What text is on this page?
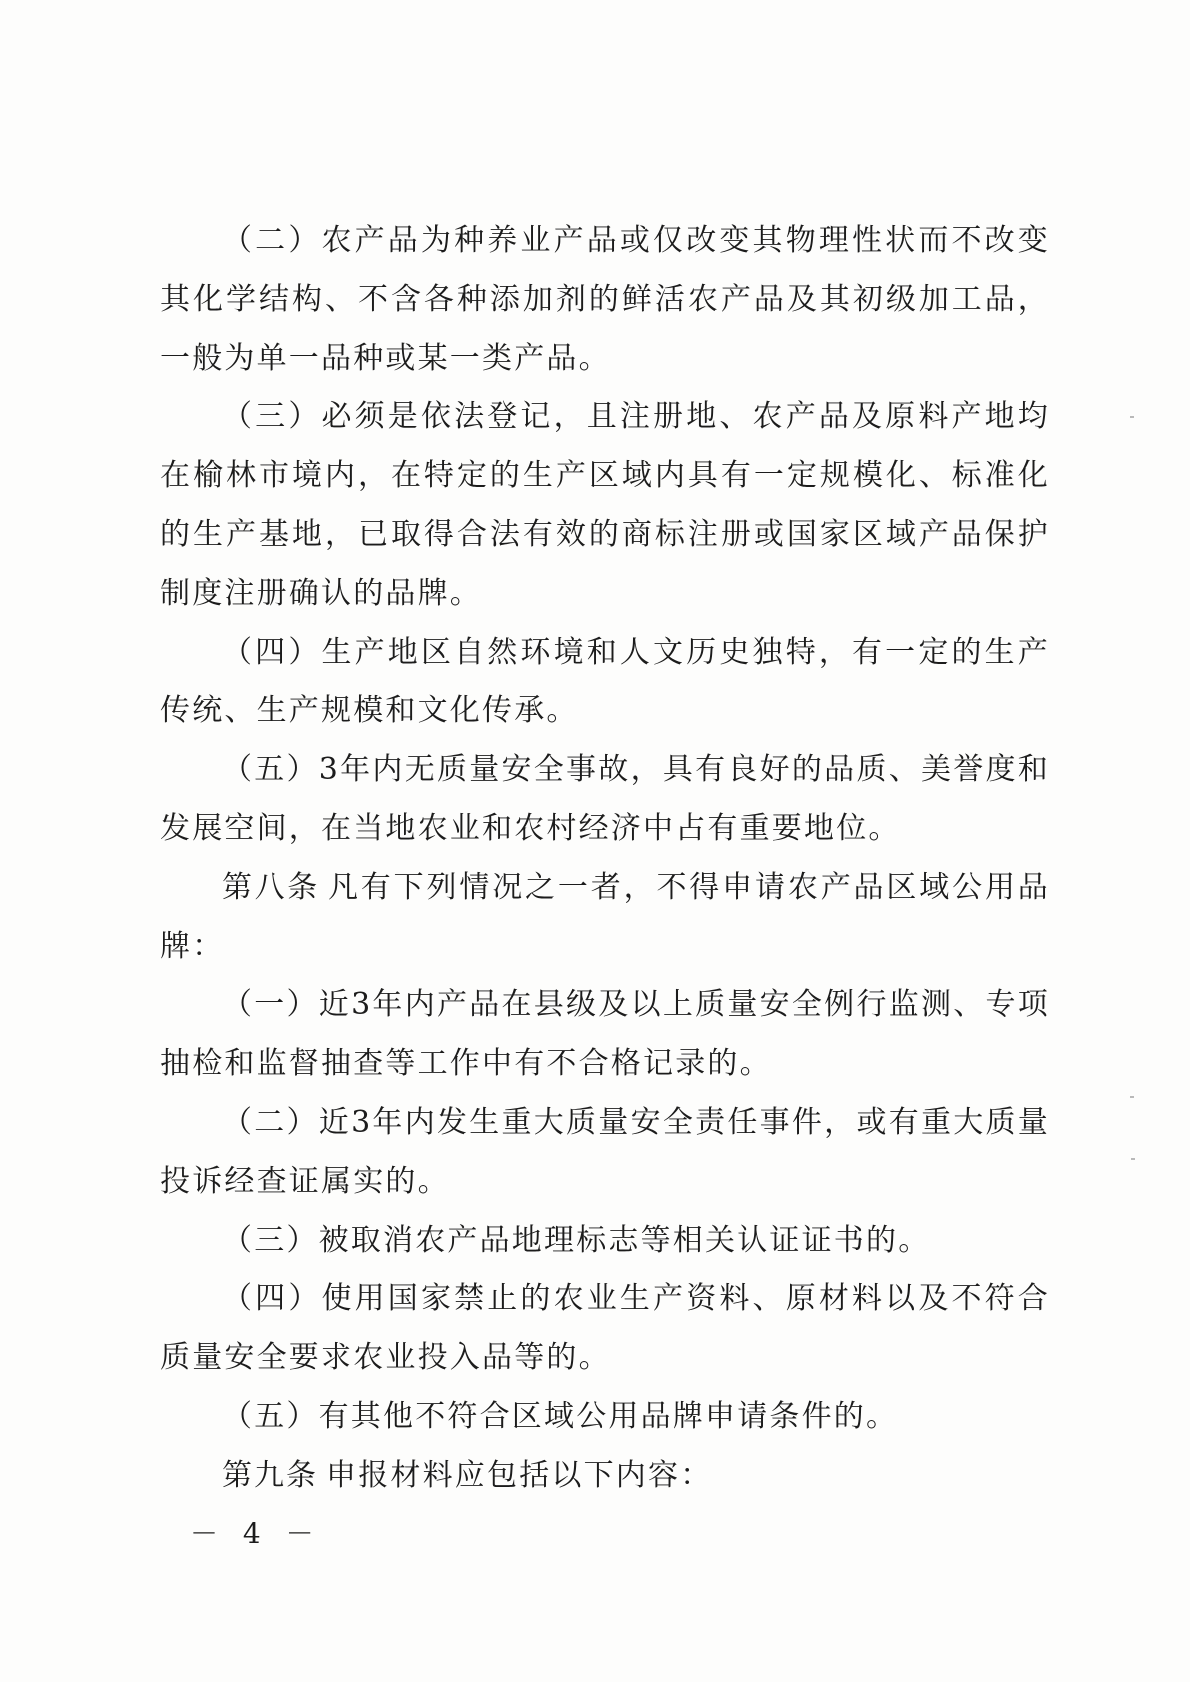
（二）农产品为种养业产品或仅改变其物理性状而不改变其化学结构、不含各种添加剂的鲜活农产品及其初级加工品，一般为单一品种或某一类产品。

（三）必须是依法登记，且注册地、农产品及原料产地均在榆林市境内，在特定的生产区域内具有一定规模化、标准化的生产基地，已取得合法有效的商标注册或国家区域产品保护制度注册确认的品牌。

（四）生产地区自然环境和人文历史独特，有一定的生产传统、生产规模和文化传承。

（五）3年内无质量安全事故，具有良好的品质、美誉度和发展空间，在当地农业和农村经济中占有重要地位。

第八条 凡有下列情况之一者，不得申请农产品区域公用品牌：

（一）近3年内产品在县级及以上质量安全例行监测、专项抽检和监督抽查等工作中有不合格记录的。

（二）近3年内发生重大质量安全责任事件，或有重大质量投诉经查证属实的。

（三）被取消农产品地理标志等相关认证证书的。

（四）使用国家禁止的农业生产资料、原材料以及不符合质量安全要求农业投入品等的。

（五）有其他不符合区域公用品牌申请条件的。

第九条 申报材料应包括以下内容：

－ 4 －
